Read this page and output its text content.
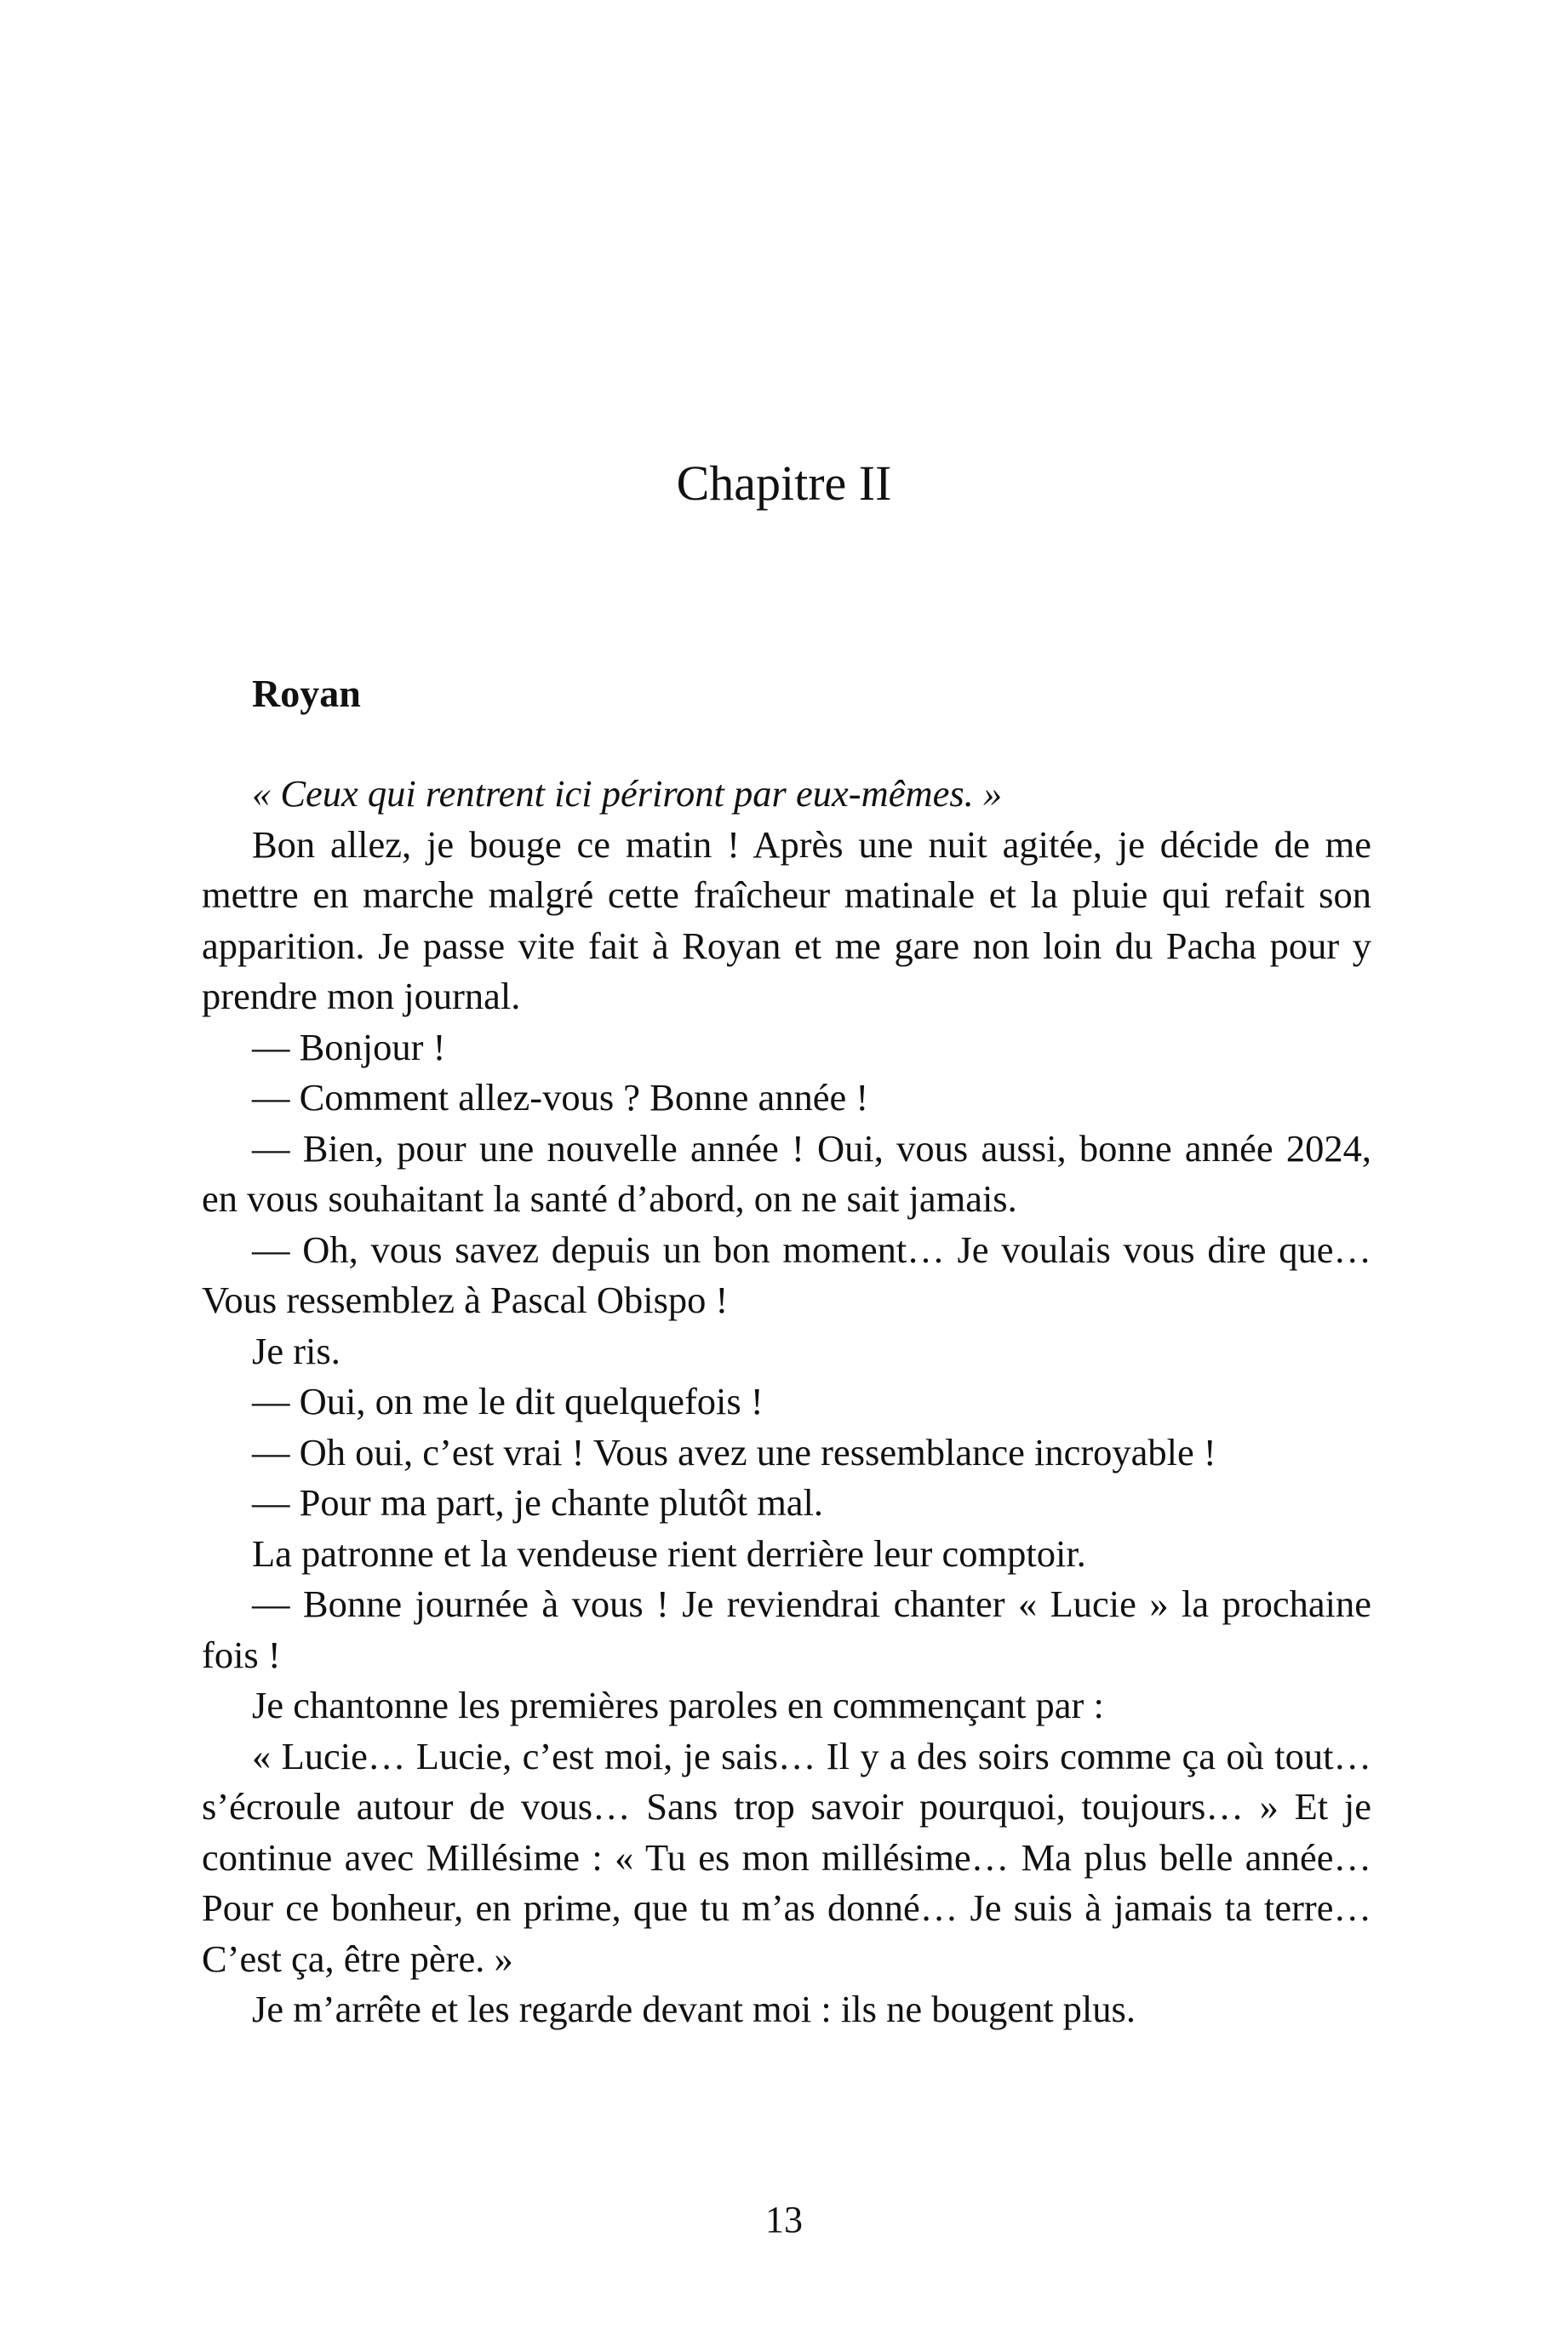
Chapitre II
Royan

« Ceux qui rentrent ici périront par eux-mêmes. »

Bon allez, je bouge ce matin ! Après une nuit agitée, je décide de me mettre en marche malgré cette fraîcheur matinale et la pluie qui refait son apparition. Je passe vite fait à Royan et me gare non loin du Pacha pour y prendre mon journal.

— Bonjour !

— Comment allez-vous ? Bonne année !

— Bien, pour une nouvelle année ! Oui, vous aussi, bonne année 2024, en vous souhaitant la santé d’abord, on ne sait jamais.

— Oh, vous savez depuis un bon moment… Je voulais vous dire que… Vous ressemblez à Pascal Obispo !

Je ris.

— Oui, on me le dit quelquefois !

— Oh oui, c’est vrai ! Vous avez une ressemblance incroyable !

— Pour ma part, je chante plutôt mal.

La patronne et la vendeuse rient derrière leur comptoir.

— Bonne journée à vous ! Je reviendrai chanter « Lucie » la prochaine fois !

Je chantonne les premières paroles en commençant par :

« Lucie… Lucie, c’est moi, je sais… Il y a des soirs comme ça où tout… s’écroule autour de vous… Sans trop savoir pourquoi, toujours… » Et je continue avec Millésime : « Tu es mon millésime… Ma plus belle année… Pour ce bonheur, en prime, que tu m’as donné… Je suis à jamais ta terre… C’est ça, être père. »

Je m’arrête et les regarde devant moi : ils ne bougent plus.

13
